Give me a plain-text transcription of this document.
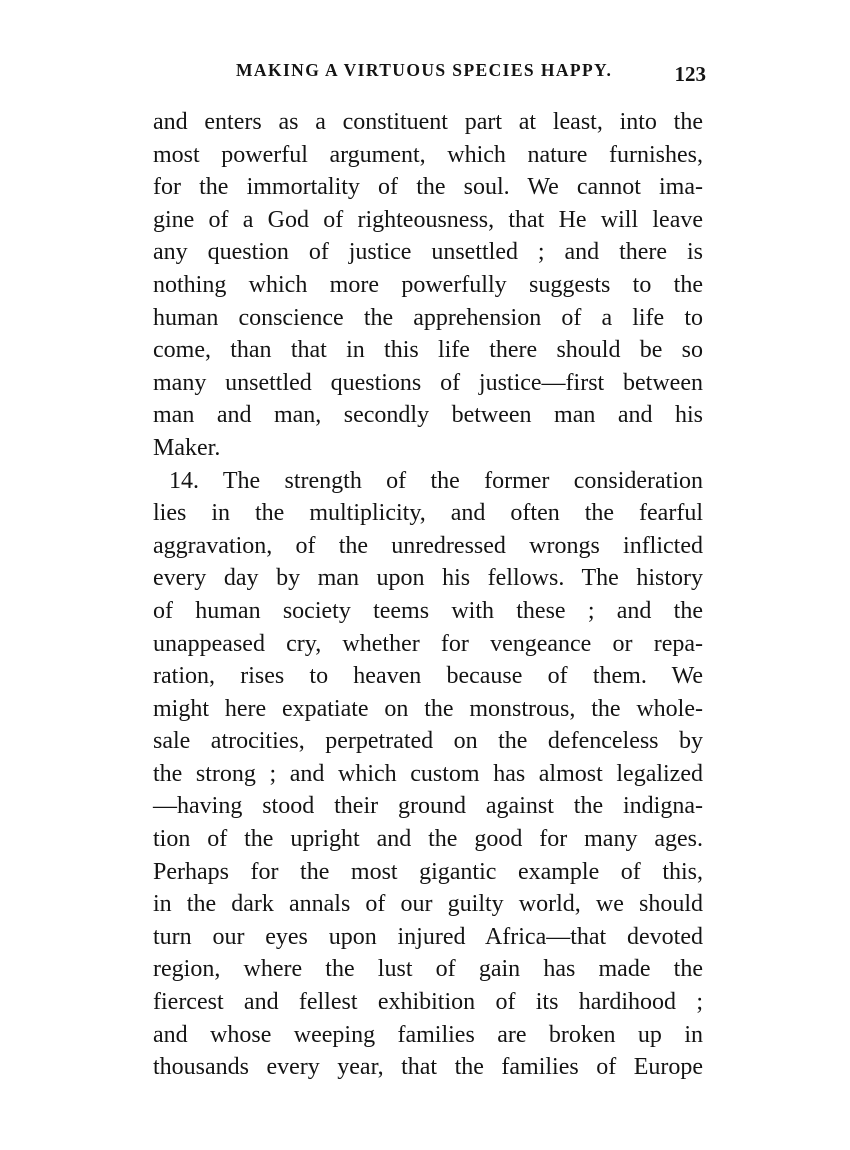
MAKING A VIRTUOUS SPECIES HAPPY.	123
and enters as a constituent part at least, into the
most powerful argument, which nature furnishes,
for the immortality of the soul. We cannot ima-
gine of a God of righteousness, that He will leave
any question of justice unsettled ; and there is
nothing which more powerfully suggests to the
human conscience the apprehension of a life to
come, than that in this life there should be so
many unsettled questions of justice—first between
man and man, secondly between man and his
Maker.
14. The strength of the former consideration
lies in the multiplicity, and often the fearful
aggravation, of the unredressed wrongs inflicted
every day by man upon his fellows. The history
of human society teems with these ; and the
unappeased cry, whether for vengeance or repa-
ration, rises to heaven because of them. We
might here expatiate on the monstrous, the whole-
sale atrocities, perpetrated on the defenceless by
the strong ; and which custom has almost legalized
—having stood their ground against the indigna-
tion of the upright and the good for many ages.
Perhaps for the most gigantic example of this,
in the dark annals of our guilty world, we should
turn our eyes upon injured Africa—that devoted
region, where the lust of gain has made the
fiercest and fellest exhibition of its hardihood ;
and whose weeping families are broken up in
thousands every year, that the families of Europe
